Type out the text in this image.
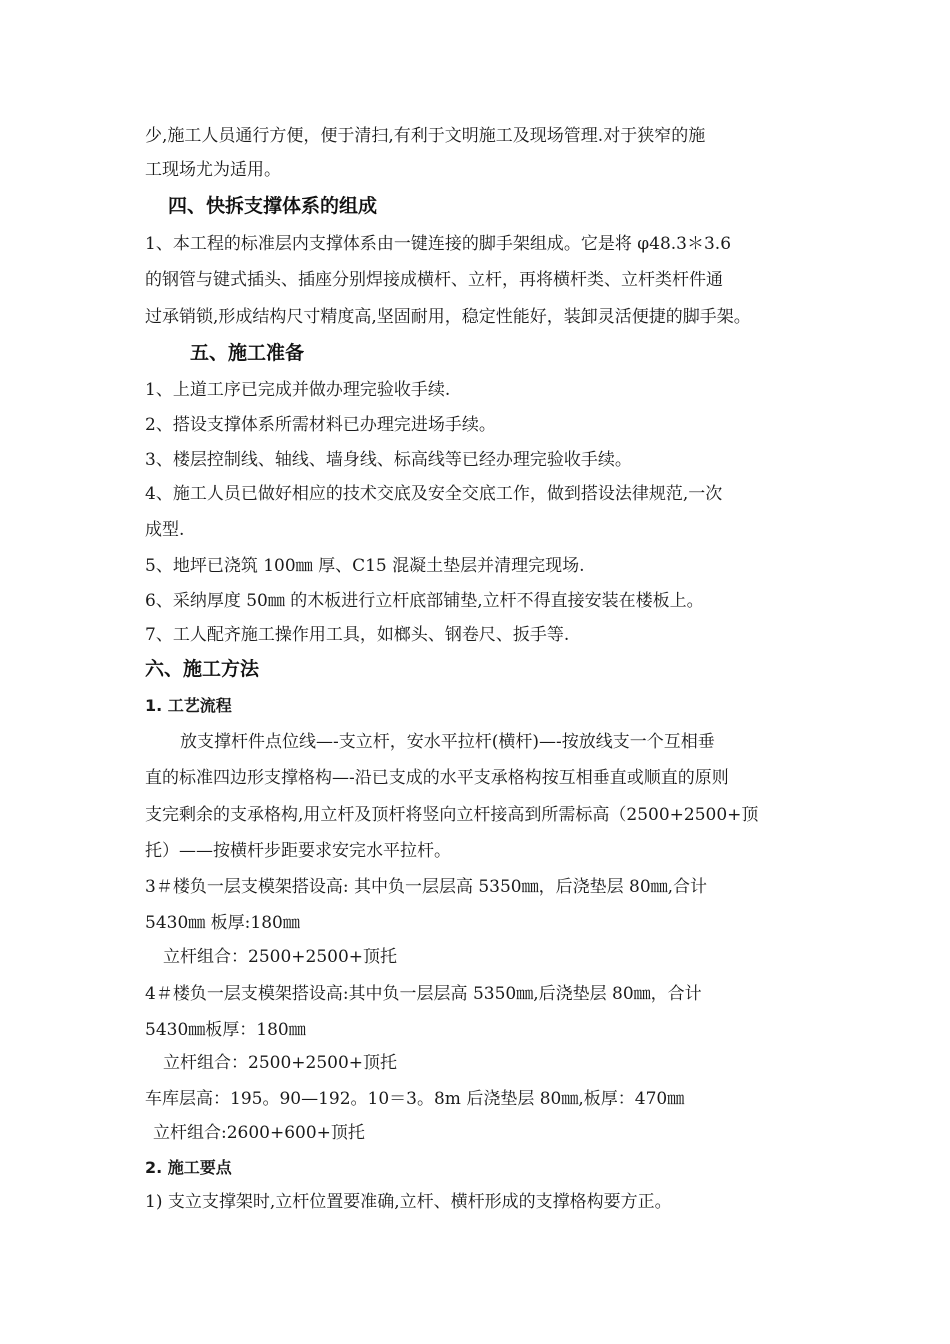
少,施工人员通行方便，便于清扫,有利于文明施工及现场管理.对于狭窄的施
工现场尤为适用。
四、快拆支撑体系的组成
1、本工程的标准层内支撑体系由一键连接的脚手架组成。它是将 φ48.3＊3.6
的钢管与键式插头、插座分别焊接成横杆、立杆，再将横杆类、立杆类杆件通
过承销锁,形成结构尺寸精度高,坚固耐用，稳定性能好，装卸灵活便捷的脚手架。
五、施工准备
1、上道工序已完成并做办理完验收手续.
2、搭设支撑体系所需材料已办理完进场手续。
3、楼层控制线、轴线、墙身线、标高线等已经办理完验收手续。
4、施工人员已做好相应的技术交底及安全交底工作，做到搭设法律规范,一次
成型.
5、地坪已浇筑 100㎜ 厚、C15 混凝土垫层并清理完现场.
6、采纳厚度 50㎜ 的木板进行立杆底部铺垫,立杆不得直接安装在楼板上。
7、工人配齐施工操作用工具，如榔头、钢卷尺、扳手等.
六、施工方法
1. 工艺流程
放支撑杆件点位线—-支立杆，安水平拉杆(横杆)—-按放线支一个互相垂
直的标准四边形支撑格构—-沿已支成的水平支承格构按互相垂直或顺直的原则
支完剩余的支承格构,用立杆及顶杆将竖向立杆接高到所需标高（2500+2500+顶
托）——按横杆步距要求安完水平拉杆。
3＃楼负一层支模架搭设高: 其中负一层层高 5350㎜，后浇垫层 80㎜,合计
5430㎜ 板厚:180㎜
立杆组合：2500+2500+顶托
4＃楼负一层支模架搭设高:其中负一层层高 5350㎜,后浇垫层 80㎜，合计
5430㎜板厚：180㎜
立杆组合：2500+2500+顶托
车库层高：195。90—192。10＝3。8m 后浇垫层 80㎜,板厚：470㎜
立杆组合:2600+600+顶托
2. 施工要点
1) 支立支撑架时,立杆位置要准确,立杆、横杆形成的支撑格构要方正。
